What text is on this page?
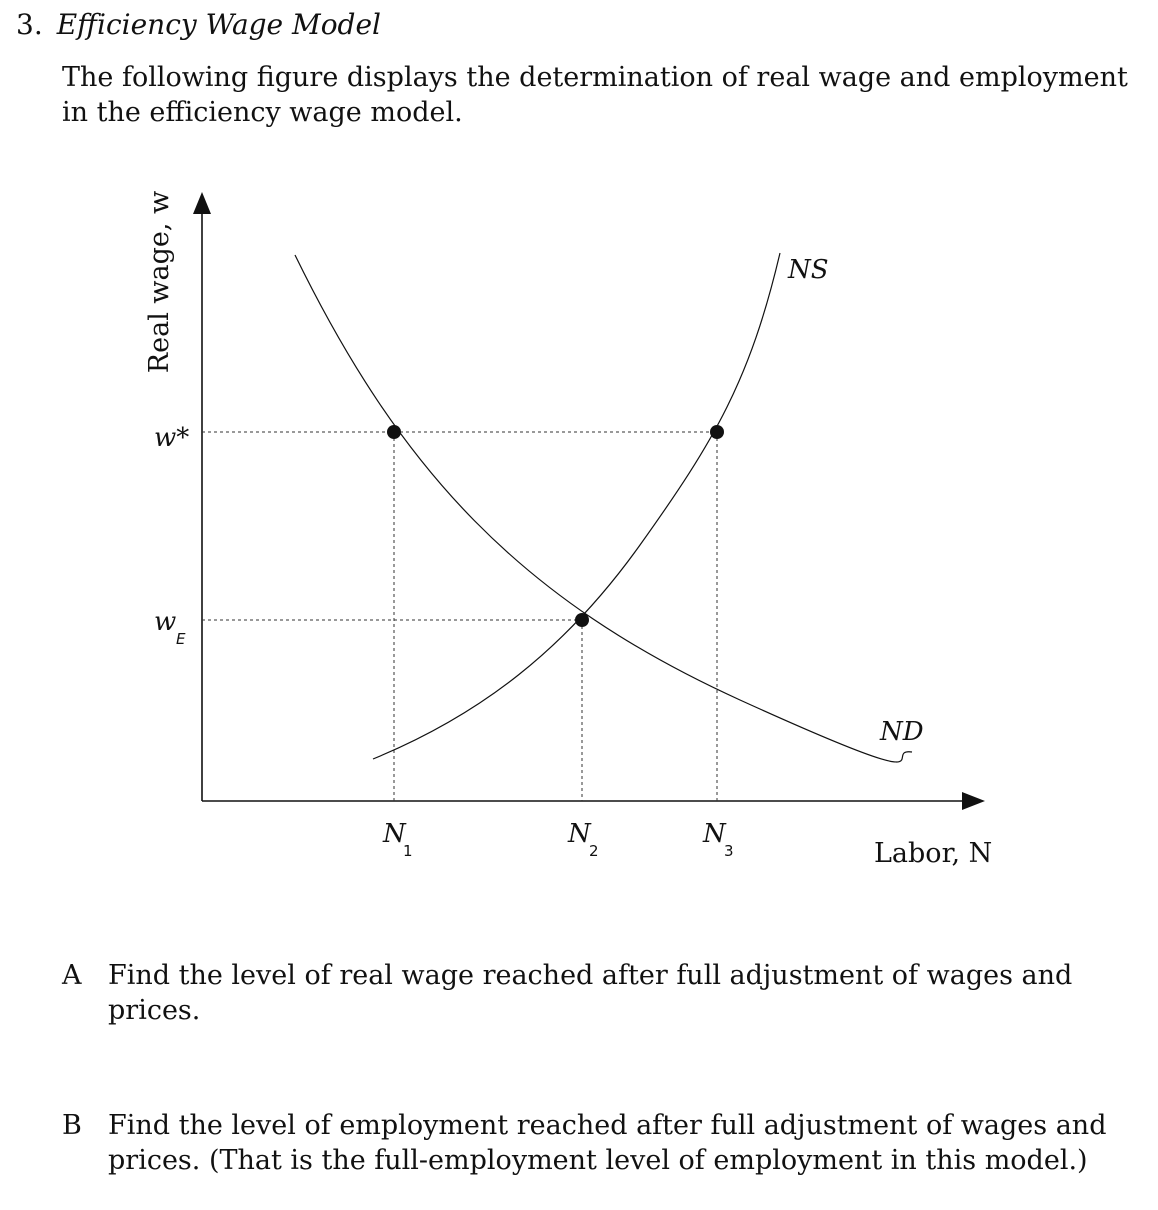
3. Efficiency Wage Model
The following figure displays the determination of real wage and employment in the efficiency wage model.
Real wage, w
w*
wE
NS
ND
N 1
N 2
N 3	Labor, N
A Find the level of real wage reached after full adjustment of wages and prices.
B Find the level of employment reached after full adjustment of wages and prices. (That is the full-employment level of employment in this model.)
